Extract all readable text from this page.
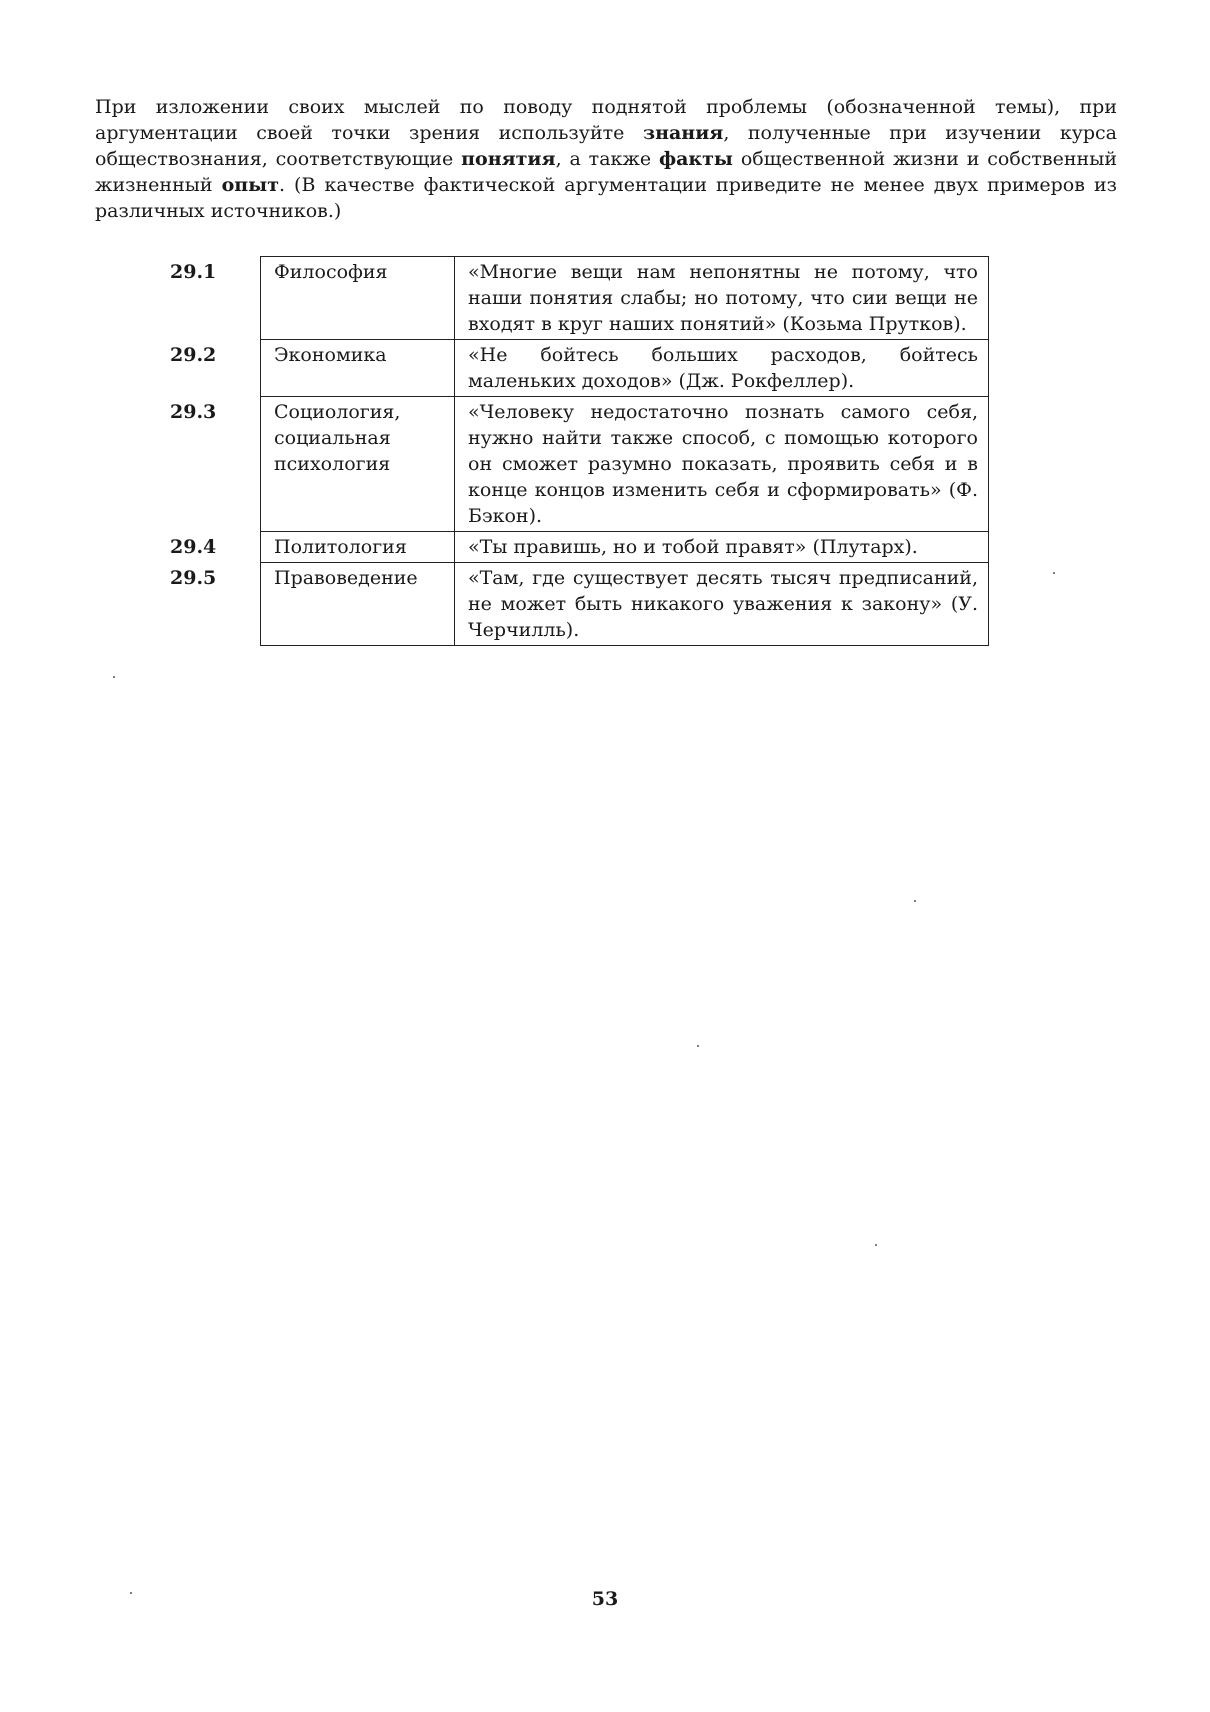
При изложении своих мыслей по поводу поднятой проблемы (обозначенной темы), при аргументации своей точки зрения используйте знания, полученные при изучении курса обществознания, соответствующие понятия, а также факты общественной жизни и собственный жизненный опыт. (В качестве фактической аргументации приведите не менее двух примеров из различных источников.)

29.1	Философия	«Многие вещи нам непонятны не потому, что наши понятия слабы; но потому, что сии вещи не входят в круг наших понятий» (Козьма Прутков).
29.2	Экономика	«Не бойтесь больших расходов, бойтесь маленьких доходов» (Дж. Рокфеллер).
29.3	Социология, социальная психология	«Человеку недостаточно познать самого себя, нужно найти также способ, с помощью которого он сможет разумно показать, проявить себя и в конце концов изменить себя и сформировать» (Ф. Бэкон).
29.4	Политология	«Ты правишь, но и тобой правят» (Плутарх).
29.5	Правоведение	«Там, где существует десять тысяч предписаний, не может быть никакого уважения к закону» (У. Черчилль).
53
